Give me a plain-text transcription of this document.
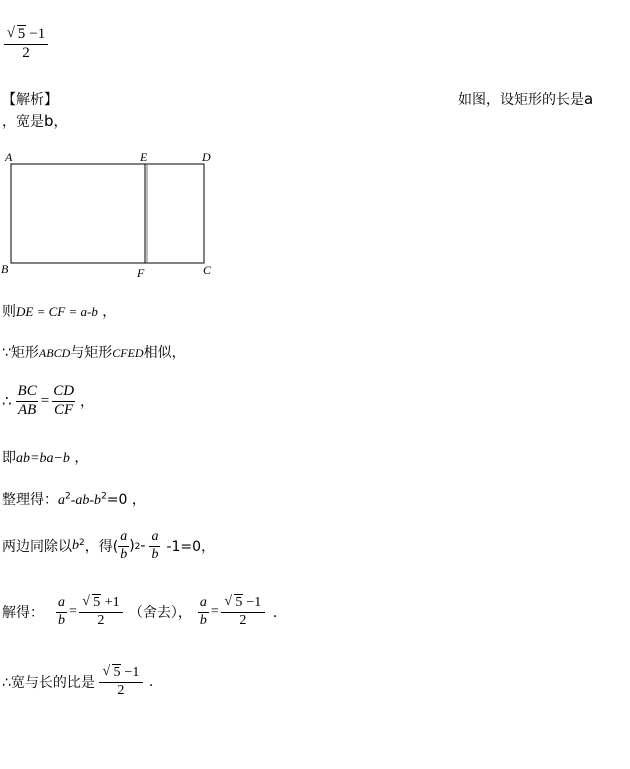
$\frac{√ 5 -1}{2}$
【解析】	如图，设矩形的长是a
，宽是b，
A	E	D
B	F	C
则DE = CF = a-b ，
∵矩形ABCD与矩形CFED相似，
∴ $\frac{BC}{AB} = \frac{CD}{CF}$ ，
即ab=ba−b ，
整理得：$a^2-ab-b^2=0$ ，
两边同除以 $b^2$ ，得( $\frac{a}{b}$ ) $2 - \frac{a}{b} -1=0$，
解得： $\frac{a}{b} = \frac{√ 5 +1}{2}$ （舍去）， $\frac{a}{b} = \frac{√ 5 -1}{2}$ ．
∴宽与长的比是 $\frac{√ 5 -1}{2}$ .
